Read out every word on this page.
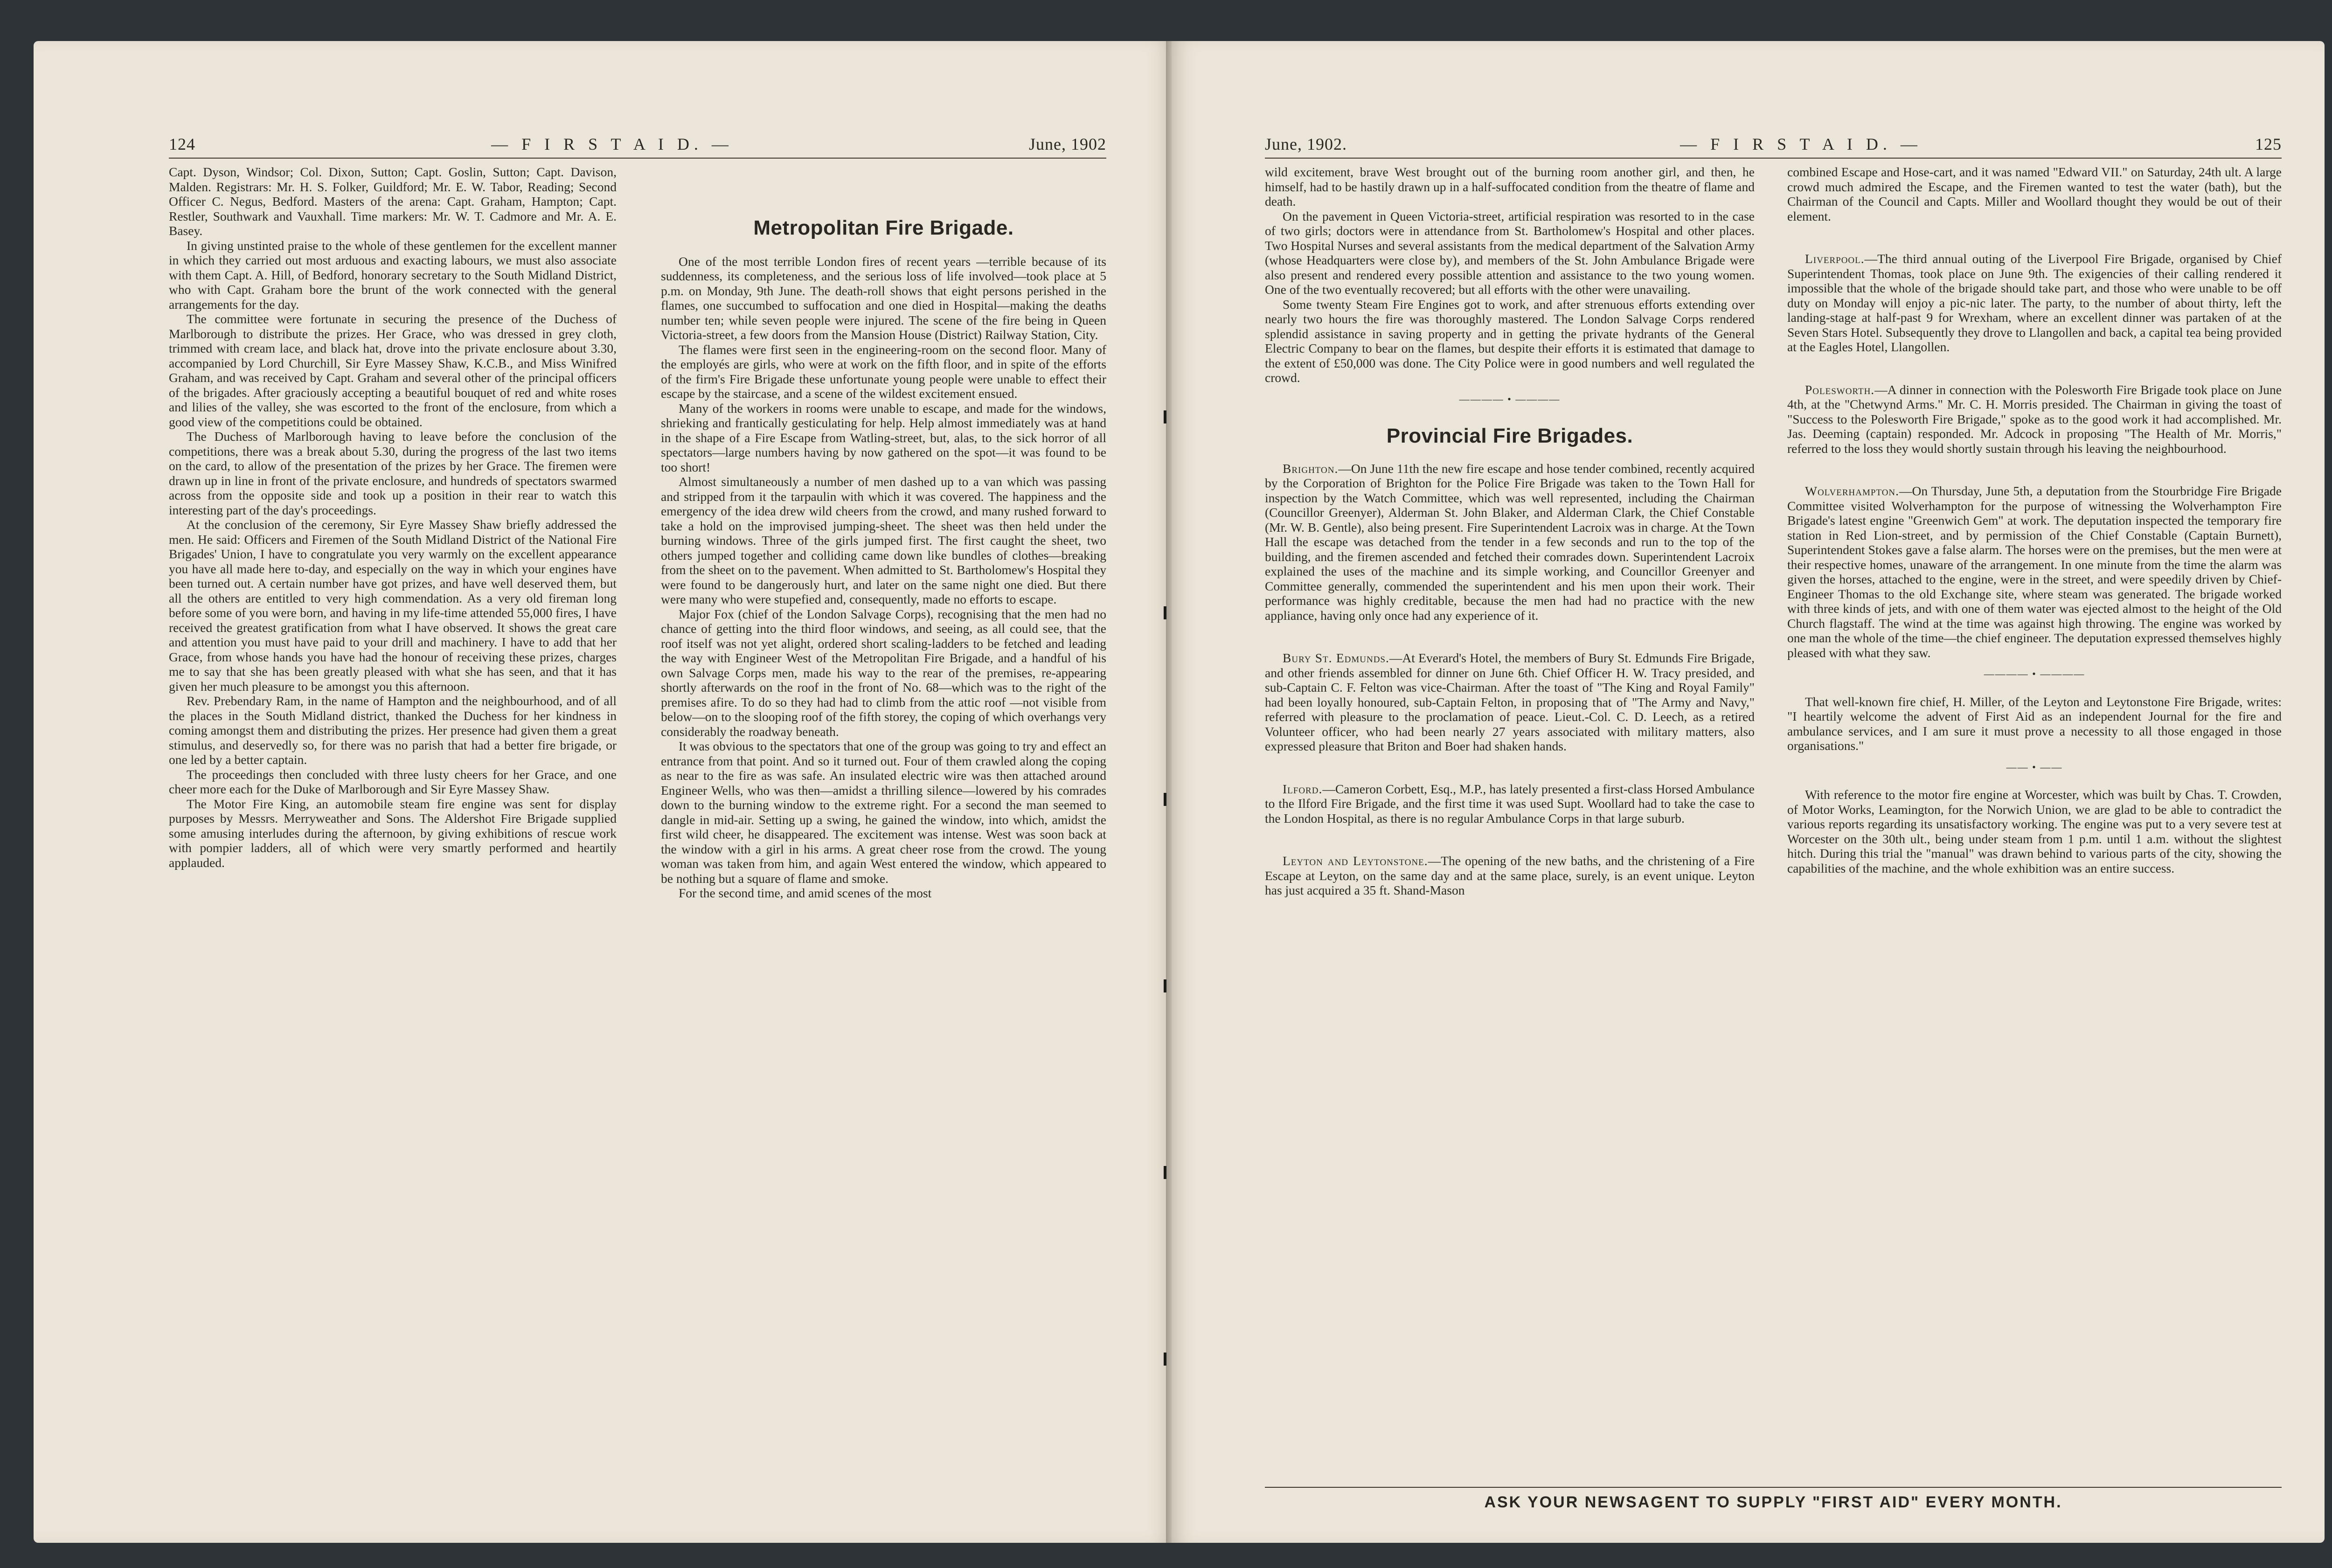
124	— F I R S T A I D. —	June, 1902

Capt. Dyson, Windsor; Col. Dixon, Sutton; Capt. Goslin, Sutton; Capt. Davison, Malden. Registrars: Mr. H. S. Folker, Guildford; Mr. E. W. Tabor, Reading; Second Officer C. Negus, Bedford. Masters of the arena: Capt. Graham, Hampton; Capt. Restler, Southwark and Vauxhall. Time markers: Mr. W. T. Cadmore and Mr. A. E. Basey.

In giving unstinted praise to the whole of these gentlemen for the excellent manner in which they carried out most arduous and exacting labours, we must also associate with them Capt. A. Hill, of Bedford, honorary secretary to the South Midland District, who with Capt. Graham bore the brunt of the work connected with the general arrangements for the day.

The committee were fortunate in securing the presence of the Duchess of Marlborough to distribute the prizes. Her Grace, who was dressed in grey cloth, trimmed with cream lace, and black hat, drove into the private enclosure about 3.30, accompanied by Lord Churchill, Sir Eyre Massey Shaw, K.C.B., and Miss Winifred Graham, and was received by Capt. Graham and several other of the principal officers of the brigades. After graciously accepting a beautiful bouquet of red and white roses and lilies of the valley, she was escorted to the front of the enclosure, from which a good view of the competitions could be obtained.

The Duchess of Marlborough having to leave before the conclusion of the competitions, there was a break about 5.30, during the progress of the last two items on the card, to allow of the presentation of the prizes by her Grace. The firemen were drawn up in line in front of the private enclosure, and hundreds of spectators swarmed across from the opposite side and took up a position in their rear to watch this interesting part of the day's proceedings.

At the conclusion of the ceremony, Sir Eyre Massey Shaw briefly addressed the men. He said: Officers and Firemen of the South Midland District of the National Fire Brigades' Union, I have to congratulate you very warmly on the excellent appearance you have all made here to-day, and especially on the way in which your engines have been turned out. A certain number have got prizes, and have well deserved them, but all the others are entitled to very high commendation. As a very old fireman long before some of you were born, and having in my life-time attended 55,000 fires, I have received the greatest gratification from what I have observed. It shows the great care and attention you must have paid to your drill and machinery. I have to add that her Grace, from whose hands you have had the honour of receiving these prizes, charges me to say that she has been greatly pleased with what she has seen, and that it has given her much pleasure to be amongst you this afternoon.

Rev. Prebendary Ram, in the name of Hampton and the neighbourhood, and of all the places in the South Midland district, thanked the Duchess for her kindness in coming amongst them and distributing the prizes. Her presence had given them a great stimulus, and deservedly so, for there was no parish that had a better fire brigade, or one led by a better captain.

The proceedings then concluded with three lusty cheers for her Grace, and one cheer more each for the Duke of Marlborough and Sir Eyre Massey Shaw.

The Motor Fire King, an automobile steam fire engine was sent for display purposes by Messrs. Merryweather and Sons. The Aldershot Fire Brigade supplied some amusing interludes during the afternoon, by giving exhibitions of rescue work with pompier ladders, all of which were very smartly performed and heartily applauded.

Metropolitan Fire Brigade.

One of the most terrible London fires of recent years —terrible because of its suddenness, its completeness, and the serious loss of life involved—took place at 5 p.m. on Monday, 9th June. The death-roll shows that eight persons perished in the flames, one succumbed to suffocation and one died in Hospital—making the deaths number ten; while seven people were injured. The scene of the fire being in Queen Victoria-street, a few doors from the Mansion House (District) Railway Station, City.

The flames were first seen in the engineering-room on the second floor. Many of the employés are girls, who were at work on the fifth floor, and in spite of the efforts of the firm's Fire Brigade these unfortunate young people were unable to effect their escape by the staircase, and a scene of the wildest excitement ensued.

Many of the workers in rooms were unable to escape, and made for the windows, shrieking and frantically gesticulating for help. Help almost immediately was at hand in the shape of a Fire Escape from Watling-street, but, alas, to the sick horror of all spectators—large numbers having by now gathered on the spot—it was found to be too short!

Almost simultaneously a number of men dashed up to a van which was passing and stripped from it the tarpaulin with which it was covered. The happiness and the emergency of the idea drew wild cheers from the crowd, and many rushed forward to take a hold on the improvised jumping-sheet. The sheet was then held under the burning windows. Three of the girls jumped first. The first caught the sheet, two others jumped together and colliding came down like bundles of clothes—breaking from the sheet on to the pavement. When admitted to St. Bartholomew's Hospital they were found to be dangerously hurt, and later on the same night one died. But there were many who were stupefied and, consequently, made no efforts to escape.

Major Fox (chief of the London Salvage Corps), recognising that the men had no chance of getting into the third floor windows, and seeing, as all could see, that the roof itself was not yet alight, ordered short scaling-ladders to be fetched and leading the way with Engineer West of the Metropolitan Fire Brigade, and a handful of his own Salvage Corps men, made his way to the rear of the premises, re-appearing shortly afterwards on the roof in the front of No. 68—which was to the right of the premises afire. To do so they had had to climb from the attic roof —not visible from below—on to the slooping roof of the fifth storey, the coping of which overhangs very considerably the roadway beneath.

It was obvious to the spectators that one of the group was going to try and effect an entrance from that point. And so it turned out. Four of them crawled along the coping as near to the fire as was safe. An insulated electric wire was then attached around Engineer Wells, who was then—amidst a thrilling silence—lowered by his comrades down to the burning window to the extreme right. For a second the man seemed to dangle in mid-air. Setting up a swing, he gained the window, into which, amidst the first wild cheer, he disappeared. The excitement was intense. West was soon back at the window with a girl in his arms. A great cheer rose from the crowd. The young woman was taken from him, and again West entered the window, which appeared to be nothing but a square of flame and smoke.

For the second time, and amid scenes of the most

June, 1902.	— F I R S T A I D. —	125

wild excitement, brave West brought out of the burning room another girl, and then, he himself, had to be hastily drawn up in a half-suffocated condition from the theatre of flame and death.

On the pavement in Queen Victoria-street, artificial respiration was resorted to in the case of two girls; doctors were in attendance from St. Bartholomew's Hospital and other places. Two Hospital Nurses and several assistants from the medical department of the Salvation Army (whose Headquarters were close by), and members of the St. John Ambulance Brigade were also present and rendered every possible attention and assistance to the two young women. One of the two eventually recovered; but all efforts with the other were unavailing.

Some twenty Steam Fire Engines got to work, and after strenuous efforts extending over nearly two hours the fire was thoroughly mastered. The London Salvage Corps rendered splendid assistance in saving property and in getting the private hydrants of the General Electric Company to bear on the flames, but despite their efforts it is estimated that damage to the extent of £50,000 was done. The City Police were in good numbers and well regulated the crowd.

———— • ————
Provincial Fire Brigades.

Brighton.—On June 11th the new fire escape and hose tender combined, recently acquired by the Corporation of Brighton for the Police Fire Brigade was taken to the Town Hall for inspection by the Watch Committee, which was well represented, including the Chairman (Councillor Greenyer), Alderman St. John Blaker, and Alderman Clark, the Chief Constable (Mr. W. B. Gentle), also being present. Fire Superintendent Lacroix was in charge. At the Town Hall the escape was detached from the tender in a few seconds and run to the top of the building, and the firemen ascended and fetched their comrades down. Superintendent Lacroix explained the uses of the machine and its simple working, and Councillor Greenyer and Committee generally, commended the superintendent and his men upon their work. Their performance was highly creditable, because the men had had no practice with the new appliance, having only once had any experience of it.

Bury St. Edmunds.—At Everard's Hotel, the members of Bury St. Edmunds Fire Brigade, and other friends assembled for dinner on June 6th. Chief Officer H. W. Tracy presided, and sub-Captain C. F. Felton was vice-Chairman. After the toast of "The King and Royal Family" had been loyally honoured, sub-Captain Felton, in proposing that of "The Army and Navy," referred with pleasure to the proclamation of peace. Lieut.-Col. C. D. Leech, as a retired Volunteer officer, who had been nearly 27 years associated with military matters, also expressed pleasure that Briton and Boer had shaken hands.

Ilford.—Cameron Corbett, Esq., M.P., has lately presented a first-class Horsed Ambulance to the Ilford Fire Brigade, and the first time it was used Supt. Woollard had to take the case to the London Hospital, as there is no regular Ambulance Corps in that large suburb.

Leyton and Leytonstone.—The opening of the new baths, and the christening of a Fire Escape at Leyton, on the same day and at the same place, surely, is an event unique. Leyton has just acquired a 35 ft. Shand-Mason

combined Escape and Hose-cart, and it was named "Edward VII." on Saturday, 24th ult. A large crowd much admired the Escape, and the Firemen wanted to test the water (bath), but the Chairman of the Council and Capts. Miller and Woollard thought they would be out of their element.

Liverpool.—The third annual outing of the Liverpool Fire Brigade, organised by Chief Superintendent Thomas, took place on June 9th. The exigencies of their calling rendered it impossible that the whole of the brigade should take part, and those who were unable to be off duty on Monday will enjoy a pic-nic later. The party, to the number of about thirty, left the landing-stage at half-past 9 for Wrexham, where an excellent dinner was partaken of at the Seven Stars Hotel. Subsequently they drove to Llangollen and back, a capital tea being provided at the Eagles Hotel, Llangollen.

Polesworth.—A dinner in connection with the Polesworth Fire Brigade took place on June 4th, at the "Chetwynd Arms." Mr. C. H. Morris presided. The Chairman in giving the toast of "Success to the Polesworth Fire Brigade," spoke as to the good work it had accomplished. Mr. Jas. Deeming (captain) responded. Mr. Adcock in proposing "The Health of Mr. Morris," referred to the loss they would shortly sustain through his leaving the neighbourhood.

Wolverhampton.—On Thursday, June 5th, a deputation from the Stourbridge Fire Brigade Committee visited Wolverhampton for the purpose of witnessing the Wolverhampton Fire Brigade's latest engine "Greenwich Gem" at work. The deputation inspected the temporary fire station in Red Lion-street, and by permission of the Chief Constable (Captain Burnett), Superintendent Stokes gave a false alarm. The horses were on the premises, but the men were at their respective homes, unaware of the arrangement. In one minute from the time the alarm was given the horses, attached to the engine, were in the street, and were speedily driven by Chief-Engineer Thomas to the old Exchange site, where steam was generated. The brigade worked with three kinds of jets, and with one of them water was ejected almost to the height of the Old Church flagstaff. The wind at the time was against high throwing. The engine was worked by one man the whole of the time—the chief engineer. The deputation expressed themselves highly pleased with what they saw.

———— • ————

That well-known fire chief, H. Miller, of the Leyton and Leytonstone Fire Brigade, writes: "I heartily welcome the advent of First Aid as an independent Journal for the fire and ambulance services, and I am sure it must prove a necessity to all those engaged in those organisations."

—— • ——

With reference to the motor fire engine at Worcester, which was built by Chas. T. Crowden, of Motor Works, Leamington, for the Norwich Union, we are glad to be able to contradict the various reports regarding its unsatisfactory working. The engine was put to a very severe test at Worcester on the 30th ult., being under steam from 1 p.m. until 1 a.m. without the slightest hitch. During this trial the "manual" was drawn behind to various parts of the city, showing the capabilities of the machine, and the whole exhibition was an entire success.

ASK YOUR NEWSAGENT TO SUPPLY "FIRST AID" EVERY MONTH.
